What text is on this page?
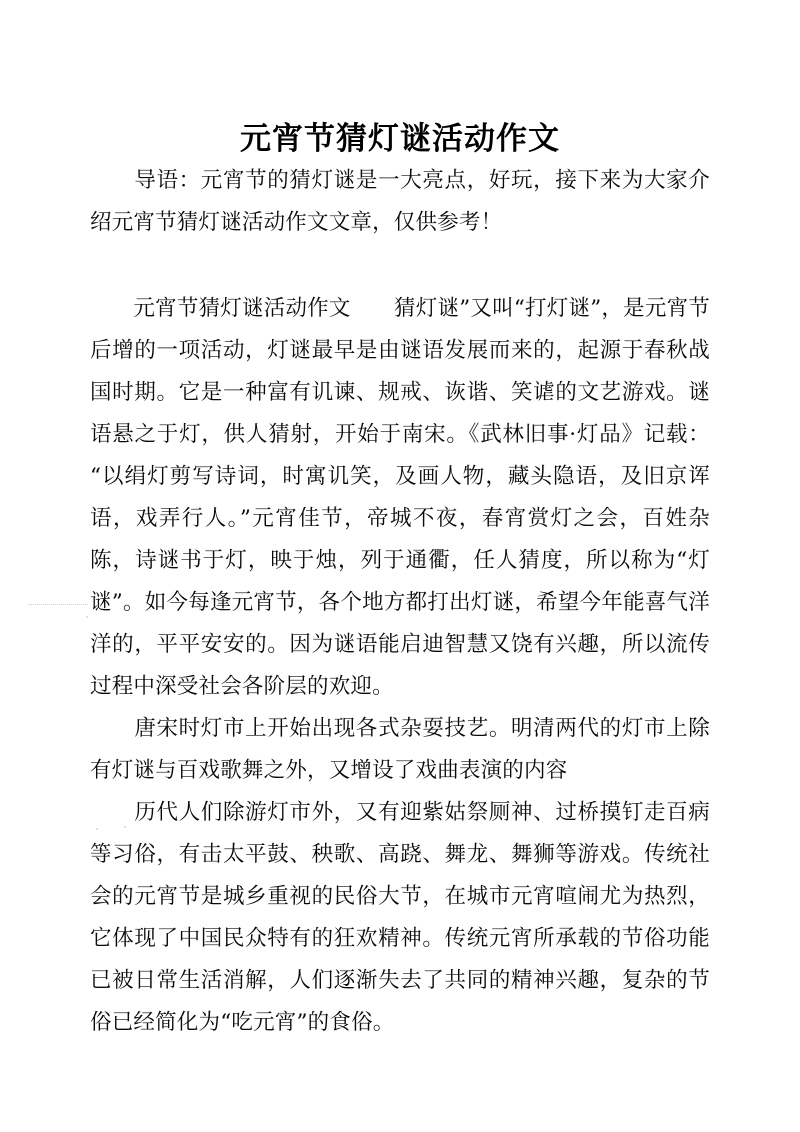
元宵节猜灯谜活动作文

　　导语：元宵节的猜灯谜是一大亮点，好玩，接下来为大家介绍元宵节猜灯谜活动作文文章，仅供参考！

　　元宵节猜灯谜活动作文　　猜灯谜”又叫“打灯谜”，是元宵节后增的一项活动，灯谜最早是由谜语发展而来的，起源于春秋战国时期。它是一种富有讥谏、规戒、诙谐、笑谑的文艺游戏。谜语悬之于灯，供人猜射，开始于南宋。《武林旧事·灯品》记载：“以绢灯剪写诗词，时寓讥笑，及画人物，藏头隐语，及旧京诨语，戏弄行人。”元宵佳节，帝城不夜，春宵赏灯之会，百姓杂陈，诗谜书于灯，映于烛，列于通衢，任人猜度，所以称为“灯谜”。如今每逢元宵节，各个地方都打出灯谜，希望今年能喜气洋洋的，平平安安的。因为谜语能启迪智慧又饶有兴趣，所以流传过程中深受社会各阶层的欢迎。

　　唐宋时灯市上开始出现各式杂耍技艺。明清两代的灯市上除有灯谜与百戏歌舞之外，又增设了戏曲表演的内容

　　历代人们除游灯市外，又有迎紫姑祭厕神、过桥摸钉走百病等习俗，有击太平鼓、秧歌、高跷、舞龙、舞狮等游戏。传统社会的元宵节是城乡重视的民俗大节，在城市元宵喧闹尤为热烈，它体现了中国民众特有的狂欢精神。传统元宵所承载的节俗功能已被日常生活消解，人们逐渐失去了共同的精神兴趣，复杂的节俗已经简化为“吃元宵”的食俗。
